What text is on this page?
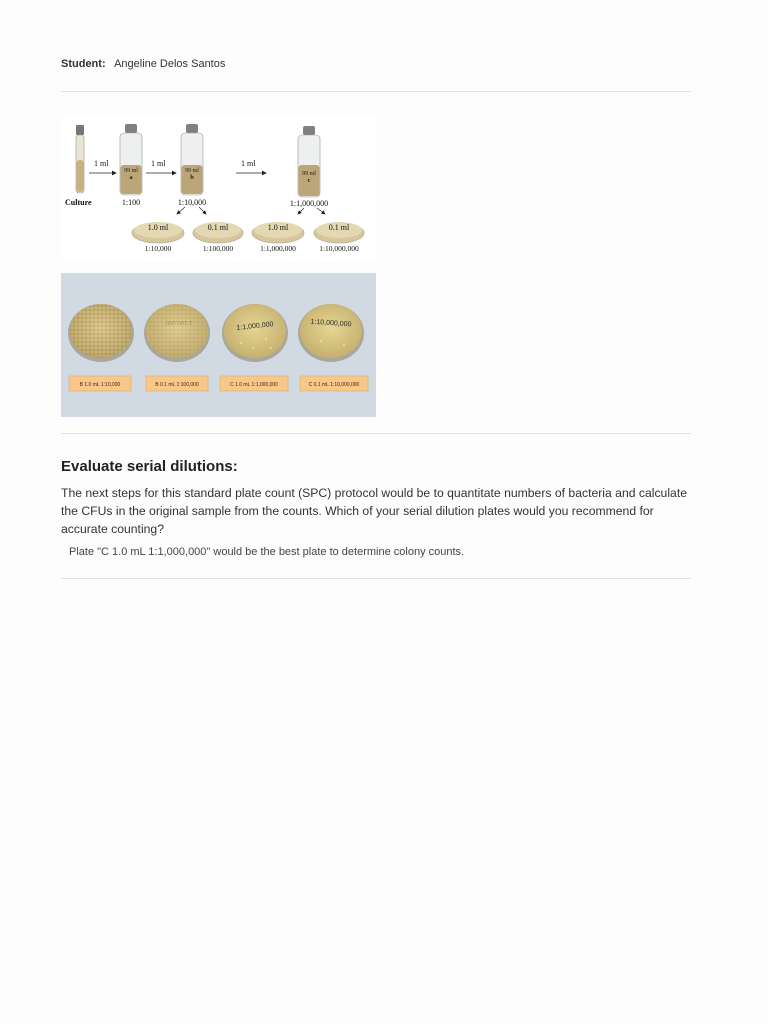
Student: Angeline Delos Santos
Culture
1 ml
99 ml
a
1:100
1 ml
99 ml
b
1:10,000
1 ml
99 ml
c
1:1,000,000
1.0 ml
1:10,000
0.1 ml
1:100,000
1.0 ml
1:1,000,000
0.1 ml
1:10,000,000
1:100,000	1:1,000,000	1:10,000,000
B 1.0 mL 1:10,000	B 0.1 mL 1:100,000	C 1.0 mL 1:1,000,000	C 0.1 mL 1:10,000,000
Evaluate serial dilutions:

The next steps for this standard plate count (SPC) protocol would be to quantitate numbers of bacteria and calculate the CFUs in the original sample from the counts. Which of your serial dilution plates would you recommend for accurate counting?

Plate "C 1.0 mL 1:1,000,000" would be the best plate to determine colony counts.
